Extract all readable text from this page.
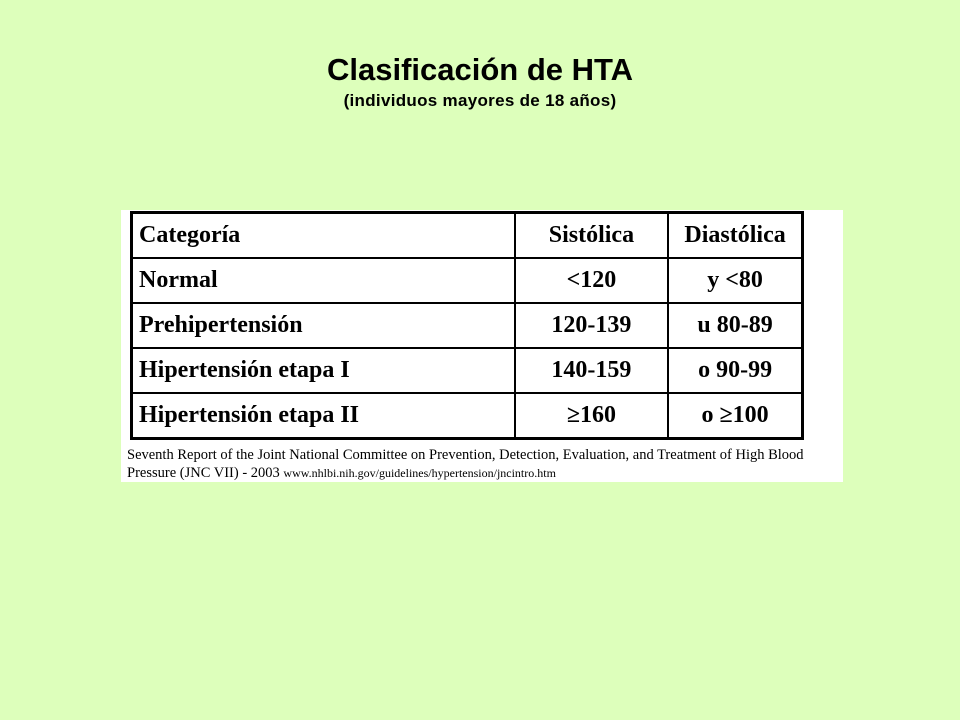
Clasificación de HTA
(individuos mayores de 18 años)
Categoría	Sistólica	Diastólica
Normal	<120	y <80
Prehipertensión	120-139	u 80-89
Hipertensión etapa I	140-159	o 90-99
Hipertensión etapa II	≥160	o ≥100
Seventh Report of the Joint National Committee on Prevention, Detection, Evaluation, and Treatment of High Blood Pressure (JNC VII) - 2003 www.nhlbi.nih.gov/guidelines/hypertension/jncintro.htm
